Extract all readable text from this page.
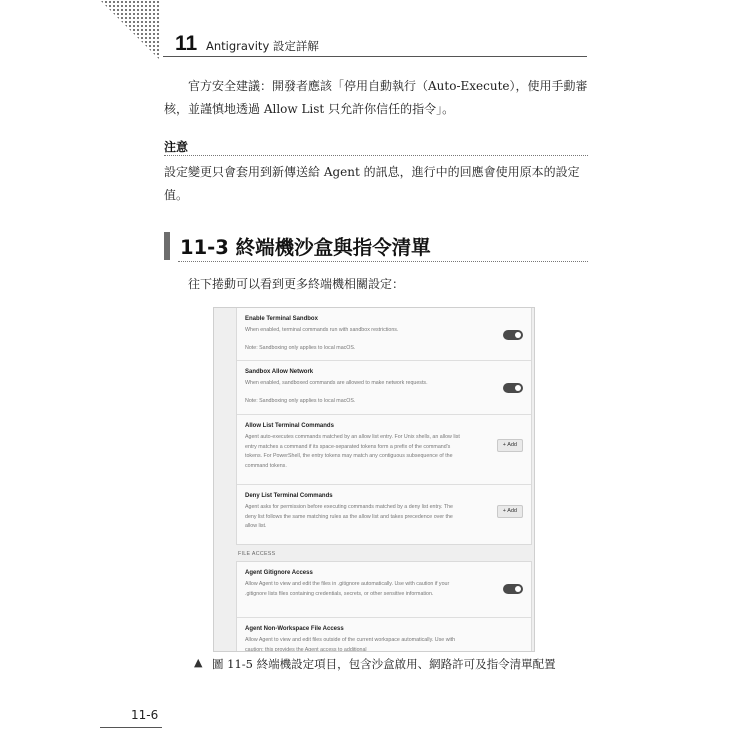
11 Antigravity 設定詳解

官方安全建議：開發者應該「停用自動執行（Auto-Execute），使用手動審核，並謹慎地透過 Allow List 只允許你信任的指令」。

注意

設定變更只會套用到新傳送給 Agent 的訊息，進行中的回應會使用原本的設定值。

11-3 終端機沙盒與指令清單

往下捲動可以看到更多終端機相關設定：

Enable Terminal Sandbox
When enabled, terminal commands run with sandbox restrictions.
Note: Sandboxing only applies to local macOS.
Sandbox Allow Network
When enabled, sandboxed commands are allowed to make network requests.
Note: Sandboxing only applies to local macOS.
Allow List Terminal Commands
Agent auto-executes commands matched by an allow list entry. For Unix shells, an allow list entry matches a command if its space-separated tokens form a prefix of the command's tokens. For PowerShell, the entry tokens may match any contiguous subsequence of the command tokens.
+ Add
Deny List Terminal Commands
Agent asks for permission before executing commands matched by a deny list entry. The deny list follows the same matching rules as the allow list and takes precedence over the allow list.
+ Add
FILE ACCESS
Agent Gitignore Access
Allow Agent to view and edit the files in .gitignore automatically. Use with caution if your .gitignore lists files containing credentials, secrets, or other sensitive information.
Agent Non-Workspace File Access
Allow Agent to view and edit files outside of the current workspace automatically. Use with caution: this provides the Agent access to additional
▲ 圖 11-5 終端機設定項目，包含沙盒啟用、網路許可及指令清單配置
11-6
